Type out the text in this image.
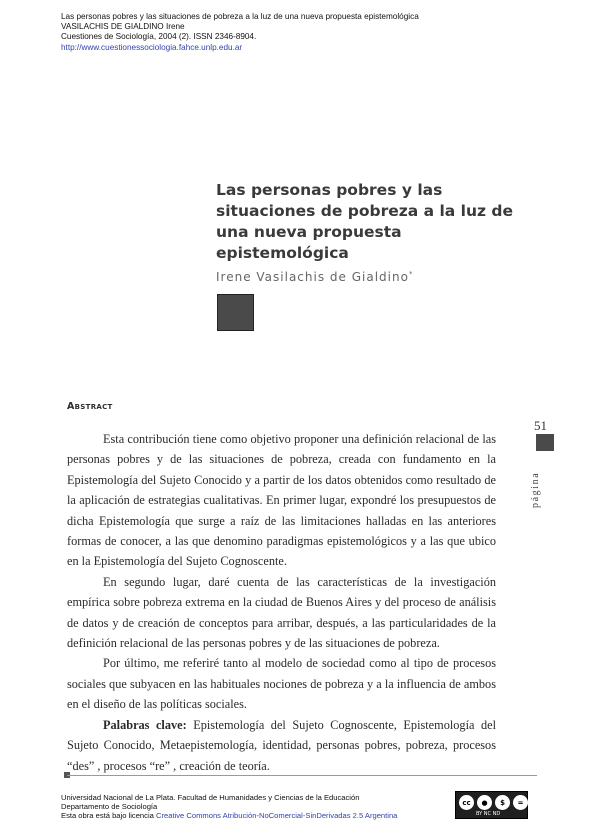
Las personas pobres y las situaciones de pobreza a la luz de una nueva propuesta epistemológica
VASILACHIS DE GIALDINO Irene
Cuestiones de Sociología, 2004 (2). ISSN 2346-8904.
http://www.cuestionessociologia.fahce.unlp.edu.ar
Las personas pobres y las situaciones de pobreza a la luz de una nueva propuesta epistemológica
Irene Vasilachis de Gialdino*
Abstract
51
página

Esta contribución tiene como objetivo proponer una definición relacional de las personas pobres y de las situaciones de pobreza, creada con fundamento en la Epistemología del Sujeto Conocido y a partir de los datos obtenidos como resultado de la aplicación de estrategias cualitativas. En primer lugar, expondré los presupuestos de dicha Epistemología que surge a raíz de las limitaciones halladas en las anteriores formas de conocer, a las que denomino paradigmas epistemológicos y a las que ubico en la Epistemología del Sujeto Cognoscente.

En segundo lugar, daré cuenta de las características de la investigación empírica sobre pobreza extrema en la ciudad de Buenos Aires y del proceso de análisis de datos y de creación de conceptos para arribar, después, a las particularidades de la definición relacional de las personas pobres y de las situaciones de pobreza.

Por último, me referiré tanto al modelo de sociedad como al tipo de procesos sociales que subyacen en las habituales nociones de pobreza y a la influencia de ambos en el diseño de las políticas sociales.

Palabras clave: Epistemología del Sujeto Cognoscente, Epistemología del Sujeto Conocido, Metaepistemología, identidad, personas pobres, pobreza, procesos “des” , procesos “re” , creación de teoría.

Universidad Nacional de La Plata. Facultad de Humanidades y Ciencias de la Educación
Departamento de Sociología
Esta obra está bajo licencia Creative Commons Atribución-NoComercial-SinDerivadas 2.5 Argentina
cc	●	$	=
BY NC ND
